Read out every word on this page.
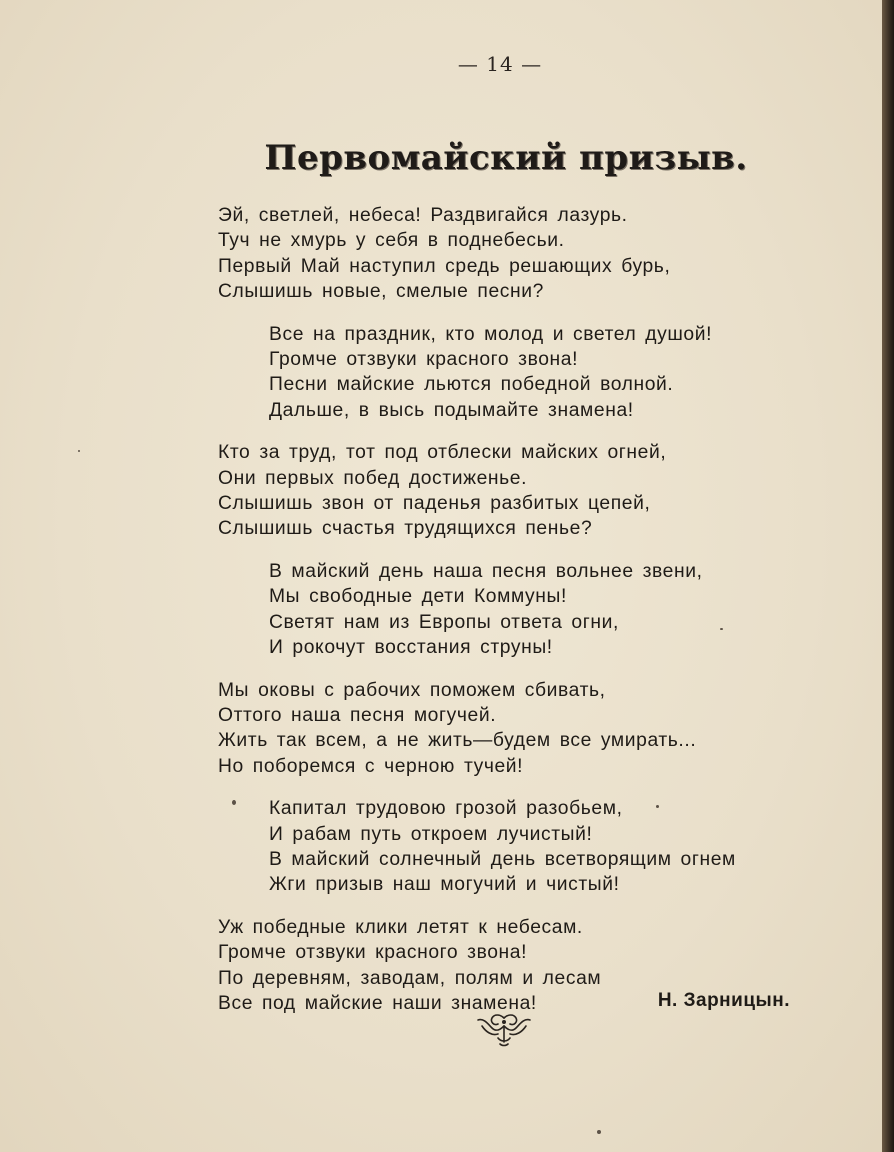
— 14 —
Первомайский призыв.
Эй, светлей, небеса! Раздвигайся лазурь.
Туч не хмурь у себя в поднебесьи.
Первый Май наступил средь решающих бурь,
Слышишь новые, смелые песни?
Все на праздник, кто молод и светел душой!
Громче отзвуки красного звона!
Песни майские льются победной волной.
Дальше, в высь подымайте знамена!
Кто за труд, тот под отблески майских огней,
Они первых побед достиженье.
Слышишь звон от паденья разбитых цепей,
Слышишь счастья трудящихся пенье?
В майский день наша песня вольнее звени,
Мы свободные дети Коммуны!
Светят нам из Европы ответа огни,
И рокочут восстания струны!
Мы оковы с рабочих поможем сбивать,
Оттого наша песня могучей.
Жить так всем, а не жить—будем все умирать...
Но поборемся с черною тучей!
Капитал трудовою грозой разобьем,
И рабам путь откроем лучистый!
В майский солнечный день всетворящим огнем
Жги призыв наш могучий и чистый!
Уж победные клики летят к небесам.
Громче отзвуки красного звона!
По деревням, заводам, полям и лесам
Все под майские наши знамена!	Н. Зарницын.
